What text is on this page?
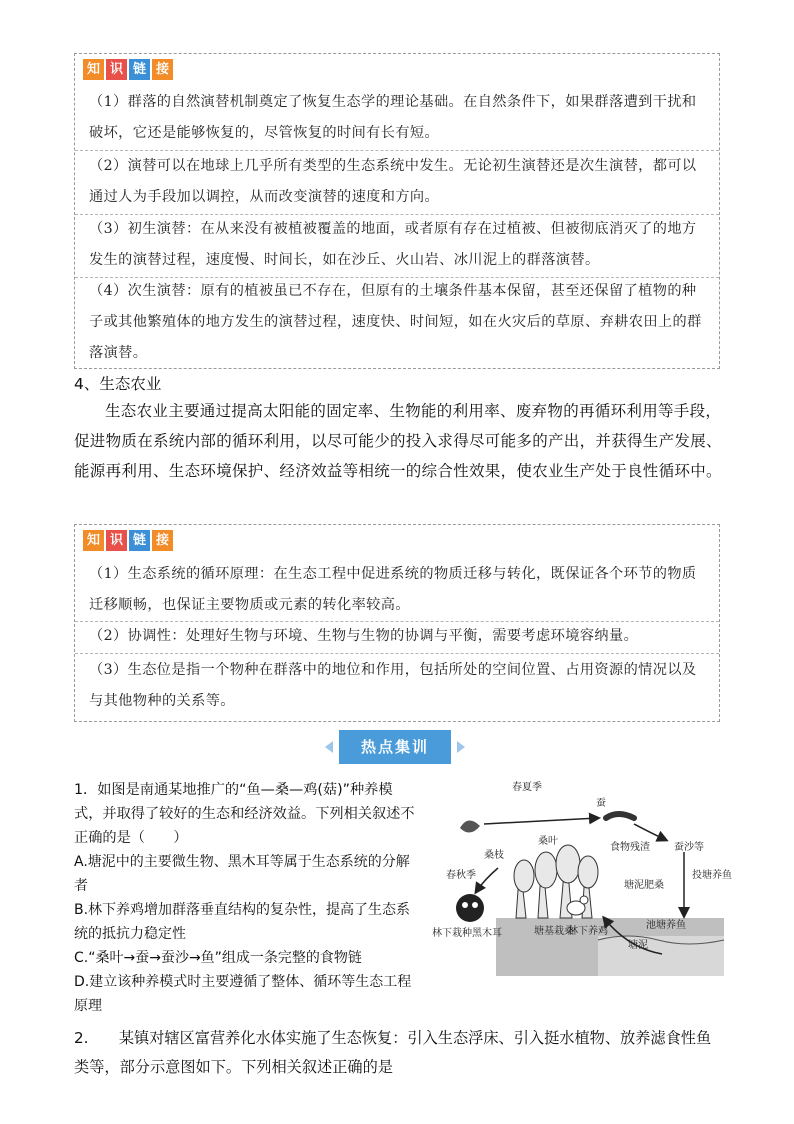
知 识 链 接
（1）群落的自然演替机制奠定了恢复生态学的理论基础。在自然条件下，如果群落遭到干扰和破坏，它还是能够恢复的，尽管恢复的时间有长有短。
（2）演替可以在地球上几乎所有类型的生态系统中发生。无论初生演替还是次生演替，都可以通过人为手段加以调控，从而改变演替的速度和方向。
（3）初生演替：在从来没有被植被覆盖的地面，或者原有存在过植被、但被彻底消灭了的地方发生的演替过程，速度慢、时间长，如在沙丘、火山岩、冰川泥上的群落演替。
（4）次生演替：原有的植被虽已不存在，但原有的土壤条件基本保留，甚至还保留了植物的种子或其他繁殖体的地方发生的演替过程，速度快、时间短，如在火灾后的草原、弃耕农田上的群落演替。
4、生态农业
生态农业主要通过提高太阳能的固定率、生物能的利用率、废弃物的再循环利用等手段，促进物质在系统内部的循环利用，以尽可能少的投入求得尽可能多的产出，并获得生产发展、能源再利用、生态环境保护、经济效益等相统一的综合性效果，使农业生产处于良性循环中。
知 识 链 接
（1）生态系统的循环原理：在生态工程中促进系统的物质迁移与转化，既保证各个环节的物质迁移顺畅，也保证主要物质或元素的转化率较高。
（2）协调性：处理好生物与环境、生物与生物的协调与平衡，需要考虑环境容纳量。
（3）生态位是指一个物种在群落中的地位和作用，包括所处的空间位置、占用资源的情况以及与其他物种的关系等。
热点集训
1．如图是南通某地推广的“鱼—桑—鸡(菇)”种养模式，并取得了较好的生态和经济效益。下列相关叙述不正确的是（　　）
A.塘泥中的主要微生物、黑木耳等属于生态系统的分解者
B.林下养鸡增加群落垂直结构的复杂性，提高了生态系统的抵抗力稳定性
C.“桑叶→蚕→蚕沙→鱼”组成一条完整的食物链
D.建立该种养模式时主要遵循了整体、循环等生态工程原理
春夏季
蚕
桑叶
桑枝
食物残渣 蚕沙等
投塘养鱼
春秋季
塘泥肥桑
林下栽种黑木耳	塘基栽桑
林下养鸡
池塘养鱼
塘泥
2.　　某镇对辖区富营养化水体实施了生态恢复：引入生态浮床、引入挺水植物、放养滤食性鱼类等，部分示意图如下。下列相关叙述正确的是
